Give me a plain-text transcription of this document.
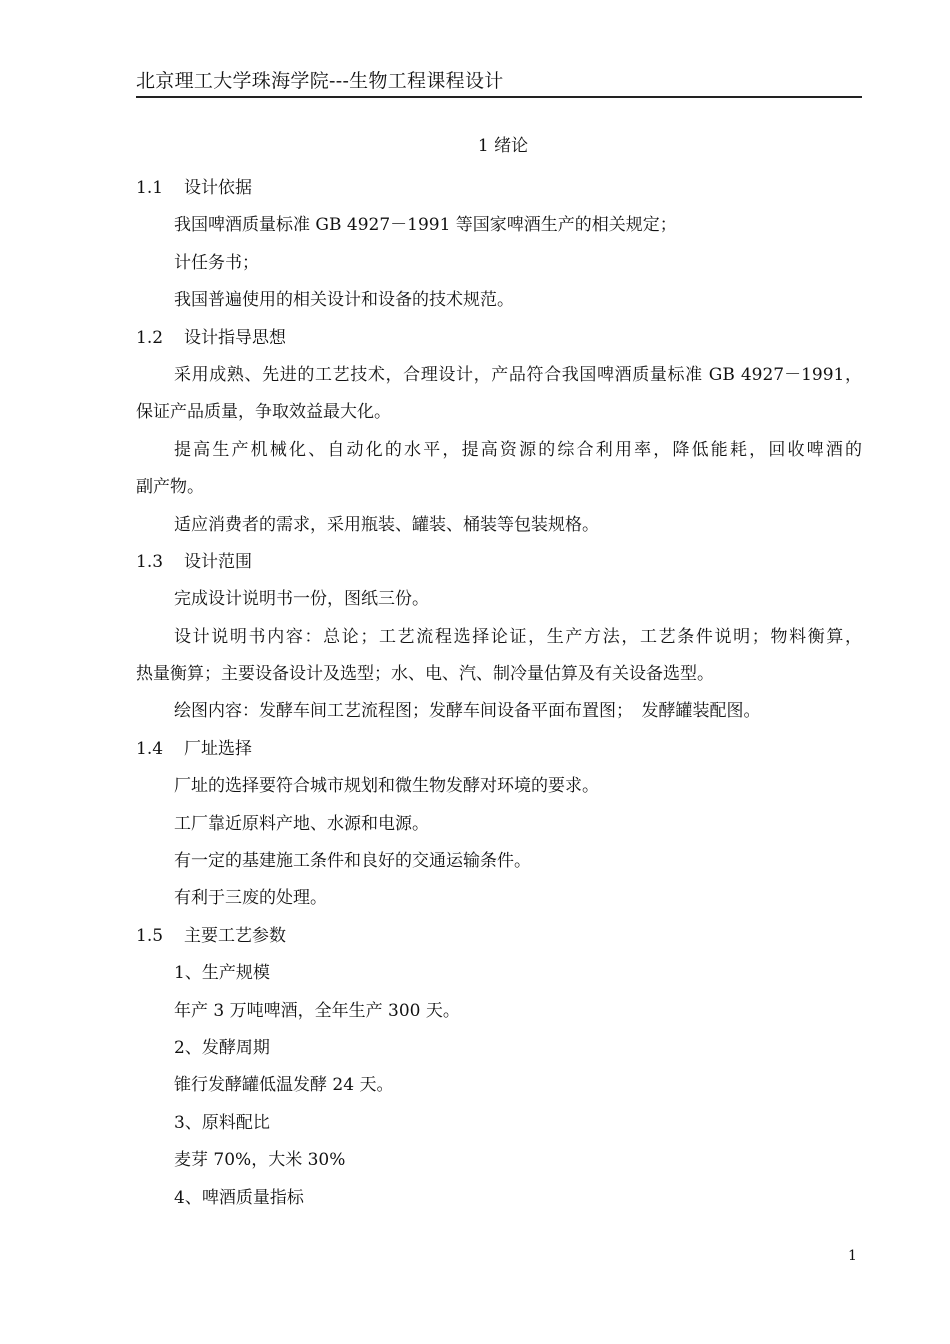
北京理工大学珠海学院---生物工程课程设计
1 绪论
1.1 设计依据
我国啤酒质量标准 GB 4927－1991 等国家啤酒生产的相关规定；
计任务书；
我国普遍使用的相关设计和设备的技术规范。
1.2 设计指导思想
采用成熟、先进的工艺技术，合理设计，产品符合我国啤酒质量标准 GB 4927－1991，
保证产品质量，争取效益最大化。
提高生产机械化、自动化的水平，提高资源的综合利用率，降低能耗，回收啤酒的
副产物。
适应消费者的需求，采用瓶装、罐装、桶装等包装规格。
1.3 设计范围
完成设计说明书一份，图纸三份。
设计说明书内容：总论；工艺流程选择论证，生产方法，工艺条件说明；物料衡算，
热量衡算；主要设备设计及选型；水、电、汽、制冷量估算及有关设备选型。
绘图内容：发酵车间工艺流程图；发酵车间设备平面布置图；　发酵罐装配图。
1.4 厂址选择
厂址的选择要符合城市规划和微生物发酵对环境的要求。
工厂靠近原料产地、水源和电源。
有一定的基建施工条件和良好的交通运输条件。
有利于三废的处理。
1.5 主要工艺参数
1、生产规模
年产 3 万吨啤酒，全年生产 300 天。
2、发酵周期
锥行发酵罐低温发酵 24 天。
3、原料配比
麦芽 70%，大米 30%
4、啤酒质量指标
1
